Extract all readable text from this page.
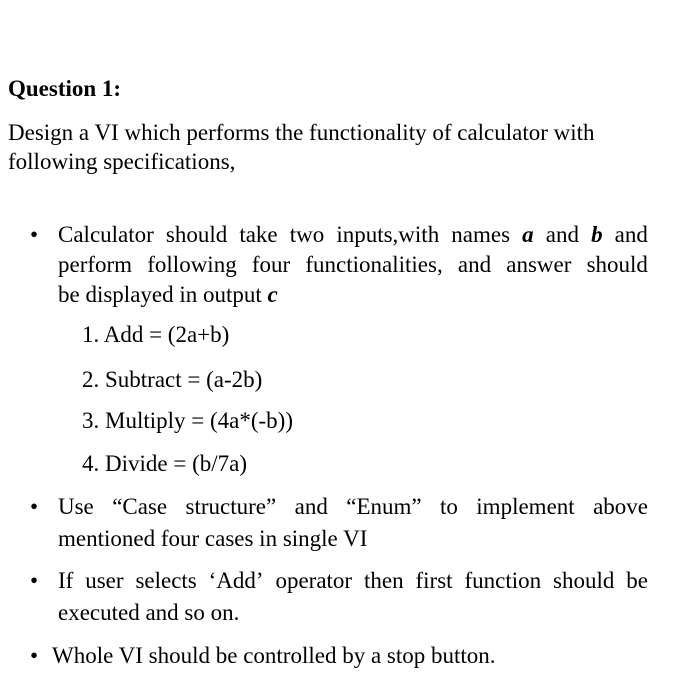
Question 1:

Design a VI which performs the functionality of calculator with
following specifications,

• Calculator should take two inputs,with names a and b and
perform following four functionalities, and answer should
be displayed in output c
1. Add = (2a+b)
2. Subtract = (a-2b)
3. Multiply = (4a*(-b))
4. Divide = (b/7a)
• Use “Case structure” and “Enum” to implement above
mentioned four cases in single VI
• If user selects ‘Add’ operator then first function should be
executed and so on.
• Whole VI should be controlled by a stop button.
